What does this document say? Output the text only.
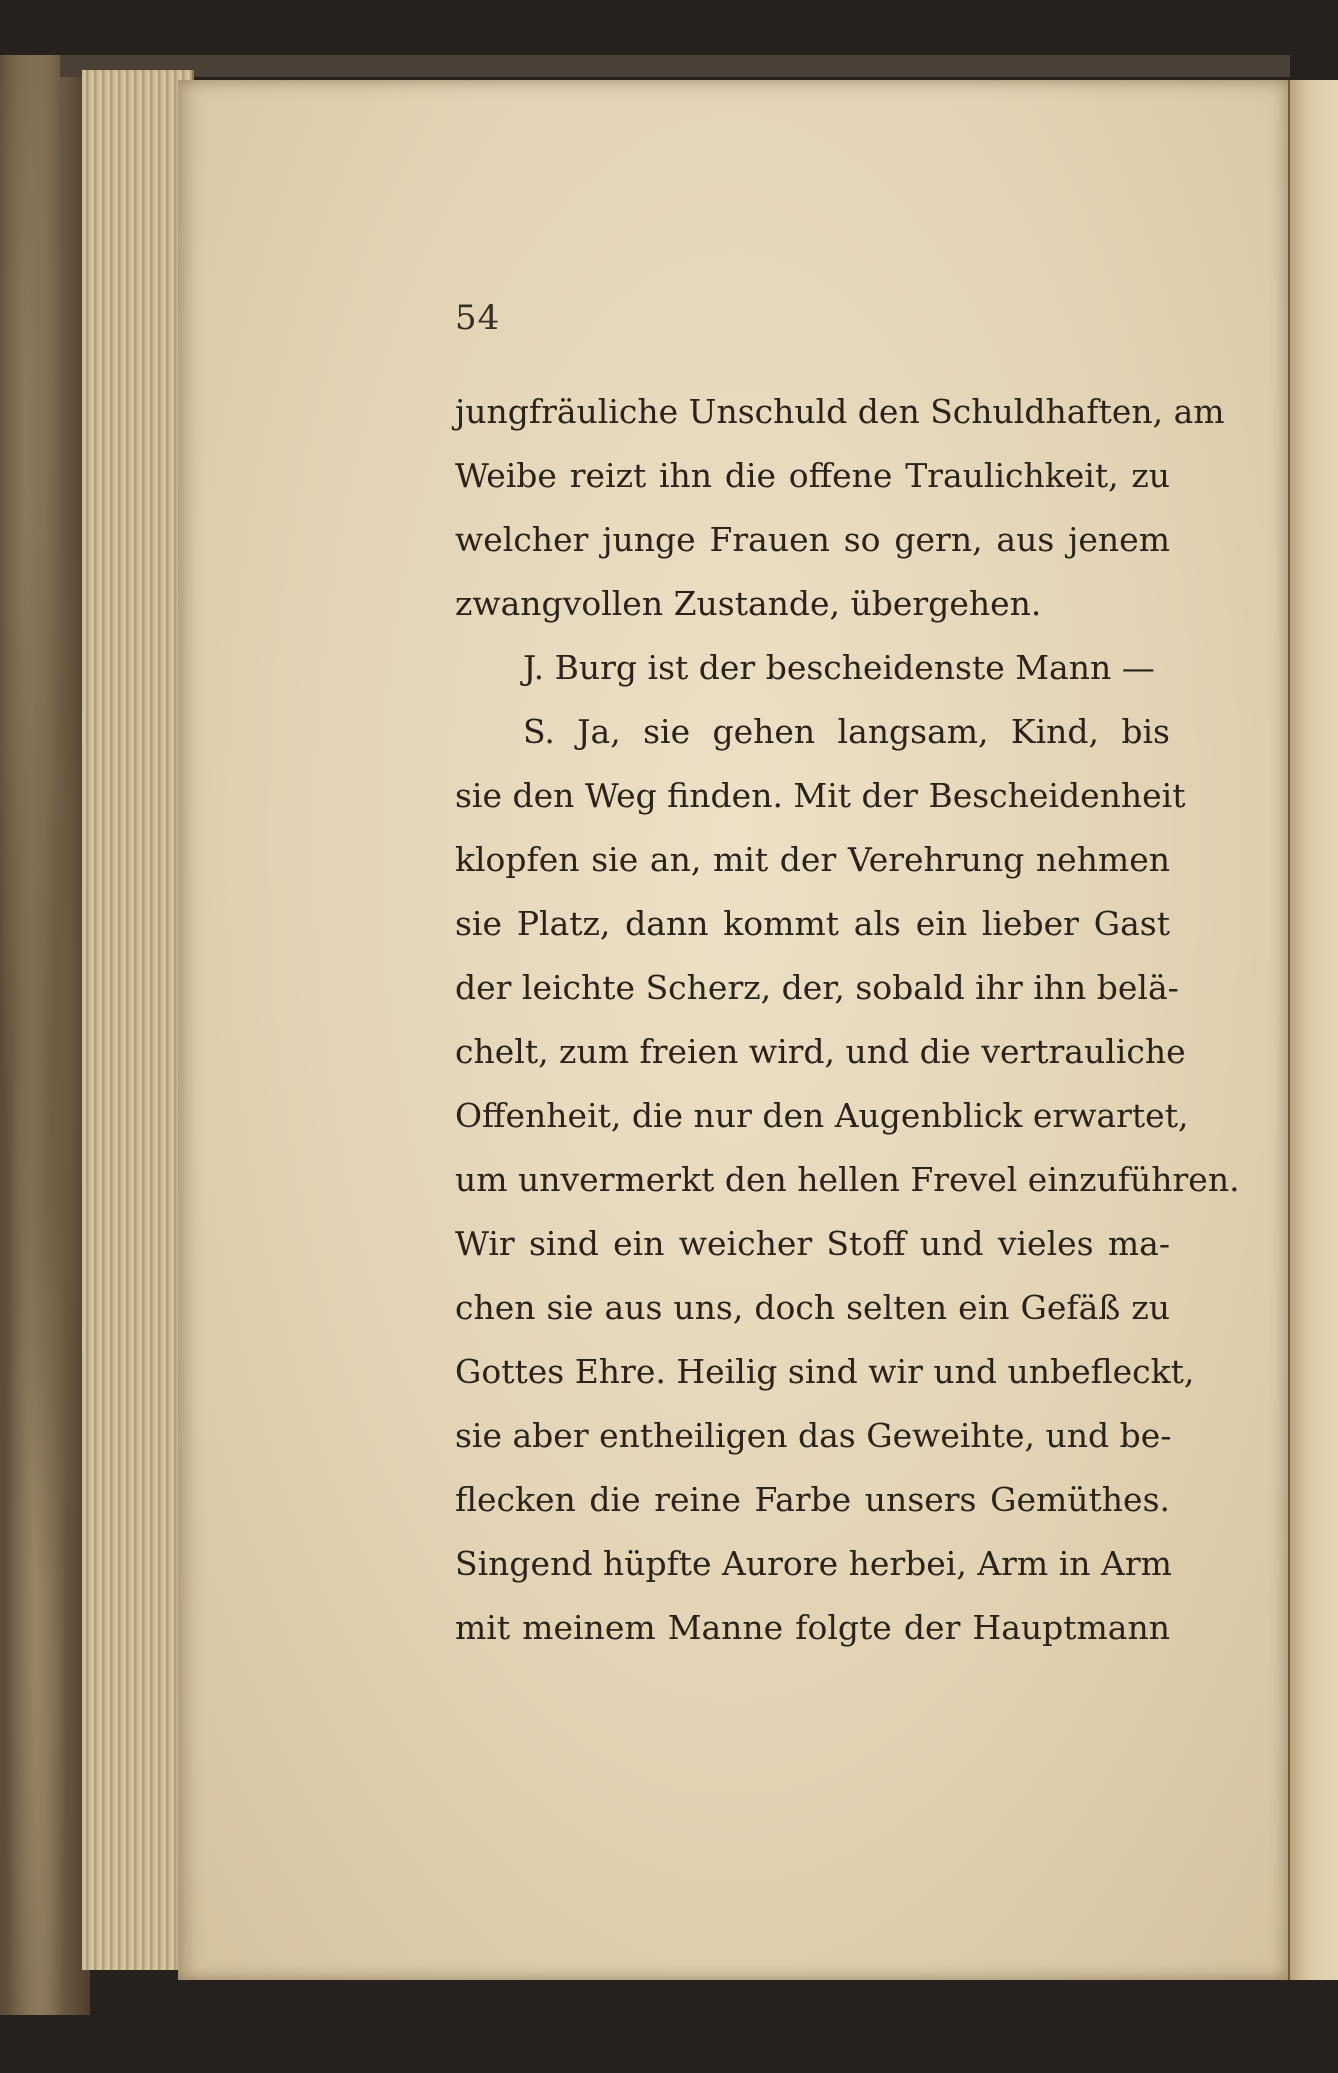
54
jungfräuliche Unschuld den Schuldhaften, am
Weibe reizt ihn die offene Traulichkeit, zu
welcher junge Frauen so gern, aus jenem
zwangvollen Zustande, übergehen.
J. Burg ist der bescheidenste Mann —
S. Ja, sie gehen langsam, Kind, bis
sie den Weg finden. Mit der Bescheidenheit
klopfen sie an, mit der Verehrung nehmen
sie Platz, dann kommt als ein lieber Gast
der leichte Scherz, der, sobald ihr ihn belä-
chelt, zum freien wird, und die vertrauliche
Offenheit, die nur den Augenblick erwartet,
um unvermerkt den hellen Frevel einzuführen.
Wir sind ein weicher Stoff und vieles ma-
chen sie aus uns, doch selten ein Gefäß zu
Gottes Ehre. Heilig sind wir und unbefleckt,
sie aber entheiligen das Geweihte, und be-
flecken die reine Farbe unsers Gemüthes.
Singend hüpfte Aurore herbei, Arm in Arm
mit meinem Manne folgte der Hauptmann
